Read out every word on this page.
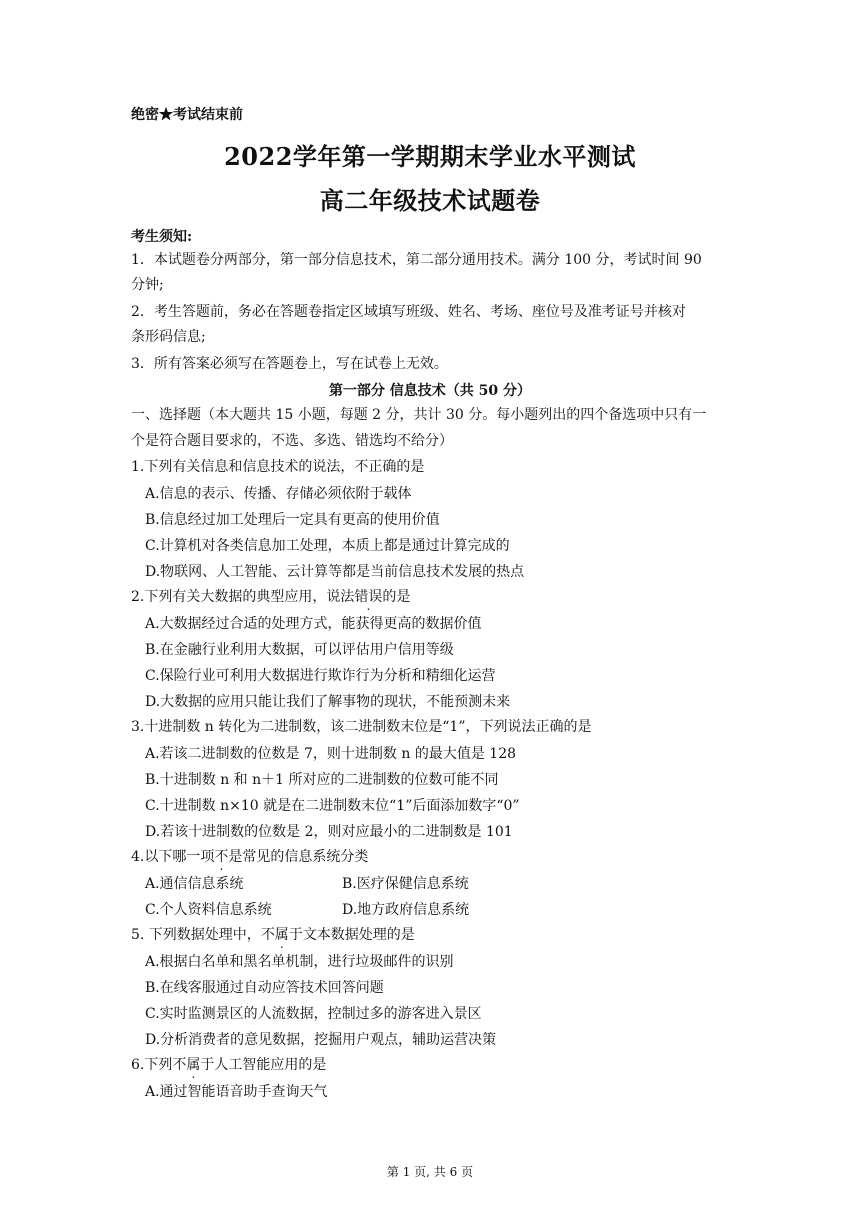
绝密★考试结束前
2022学年第一学期期末学业水平测试
高二年级技术试题卷
考生须知:
1．本试题卷分两部分，第一部分信息技术，第二部分通用技术。满分 100 分，考试时间 90
分钟;
2．考生答题前，务必在答题卷指定区域填写班级、姓名、考场、座位号及准考证号并核对
条形码信息;
3．所有答案必须写在答题卷上，写在试卷上无效。
第一部分 信息技术（共 50 分）
一、选择题（本大题共 15 小题，每题 2 分，共计 30 分。每小题列出的四个备选项中只有一
个是符合题目要求的，不选、多选、错选均不给分）
1.下列有关信息和信息技术的说法，不正确的是
A.信息的表示、传播、存储必须依附于载体
B.信息经过加工处理后一定具有更高的使用价值
C.计算机对各类信息加工处理，本质上都是通过计算完成的
D.物联网、人工智能、云计算等都是当前信息技术发展的热点
2.下列有关大数据的典型应用，说法错误的是
A.大数据经过合适的处理方式，能获得更高的数据价值
B.在金融行业利用大数据，可以评估用户信用等级
C.保险行业可利用大数据进行欺诈行为分析和精细化运营
D.大数据的应用只能让我们了解事物的现状，不能预测未来
3.十进制数 n 转化为二进制数，该二进制数末位是“1”，下列说法正确的是
A.若该二进制数的位数是 7，则十进制数 n 的最大值是 128
B.十进制数 n 和 n＋1 所对应的二进制数的位数可能不同
C.十进制数 n×10 就是在二进制数末位“1”后面添加数字“0”
D.若该十进制数的位数是 2，则对应最小的二进制数是 101
4.以下哪一项不是常见的信息系统分类
A.通信信息系统	B.医疗保健信息系统
C.个人资料信息系统	D.地方政府信息系统
5. 下列数据处理中，不属于文本数据处理的是
A.根据白名单和黑名单机制，进行垃圾邮件的识别
B.在线客服通过自动应答技术回答问题
C.实时监测景区的人流数据，控制过多的游客进入景区
D.分析消费者的意见数据，挖掘用户观点，辅助运营决策
6.下列不属于人工智能应用的是
A.通过智能语音助手查询天气
第 1 页, 共 6 页
